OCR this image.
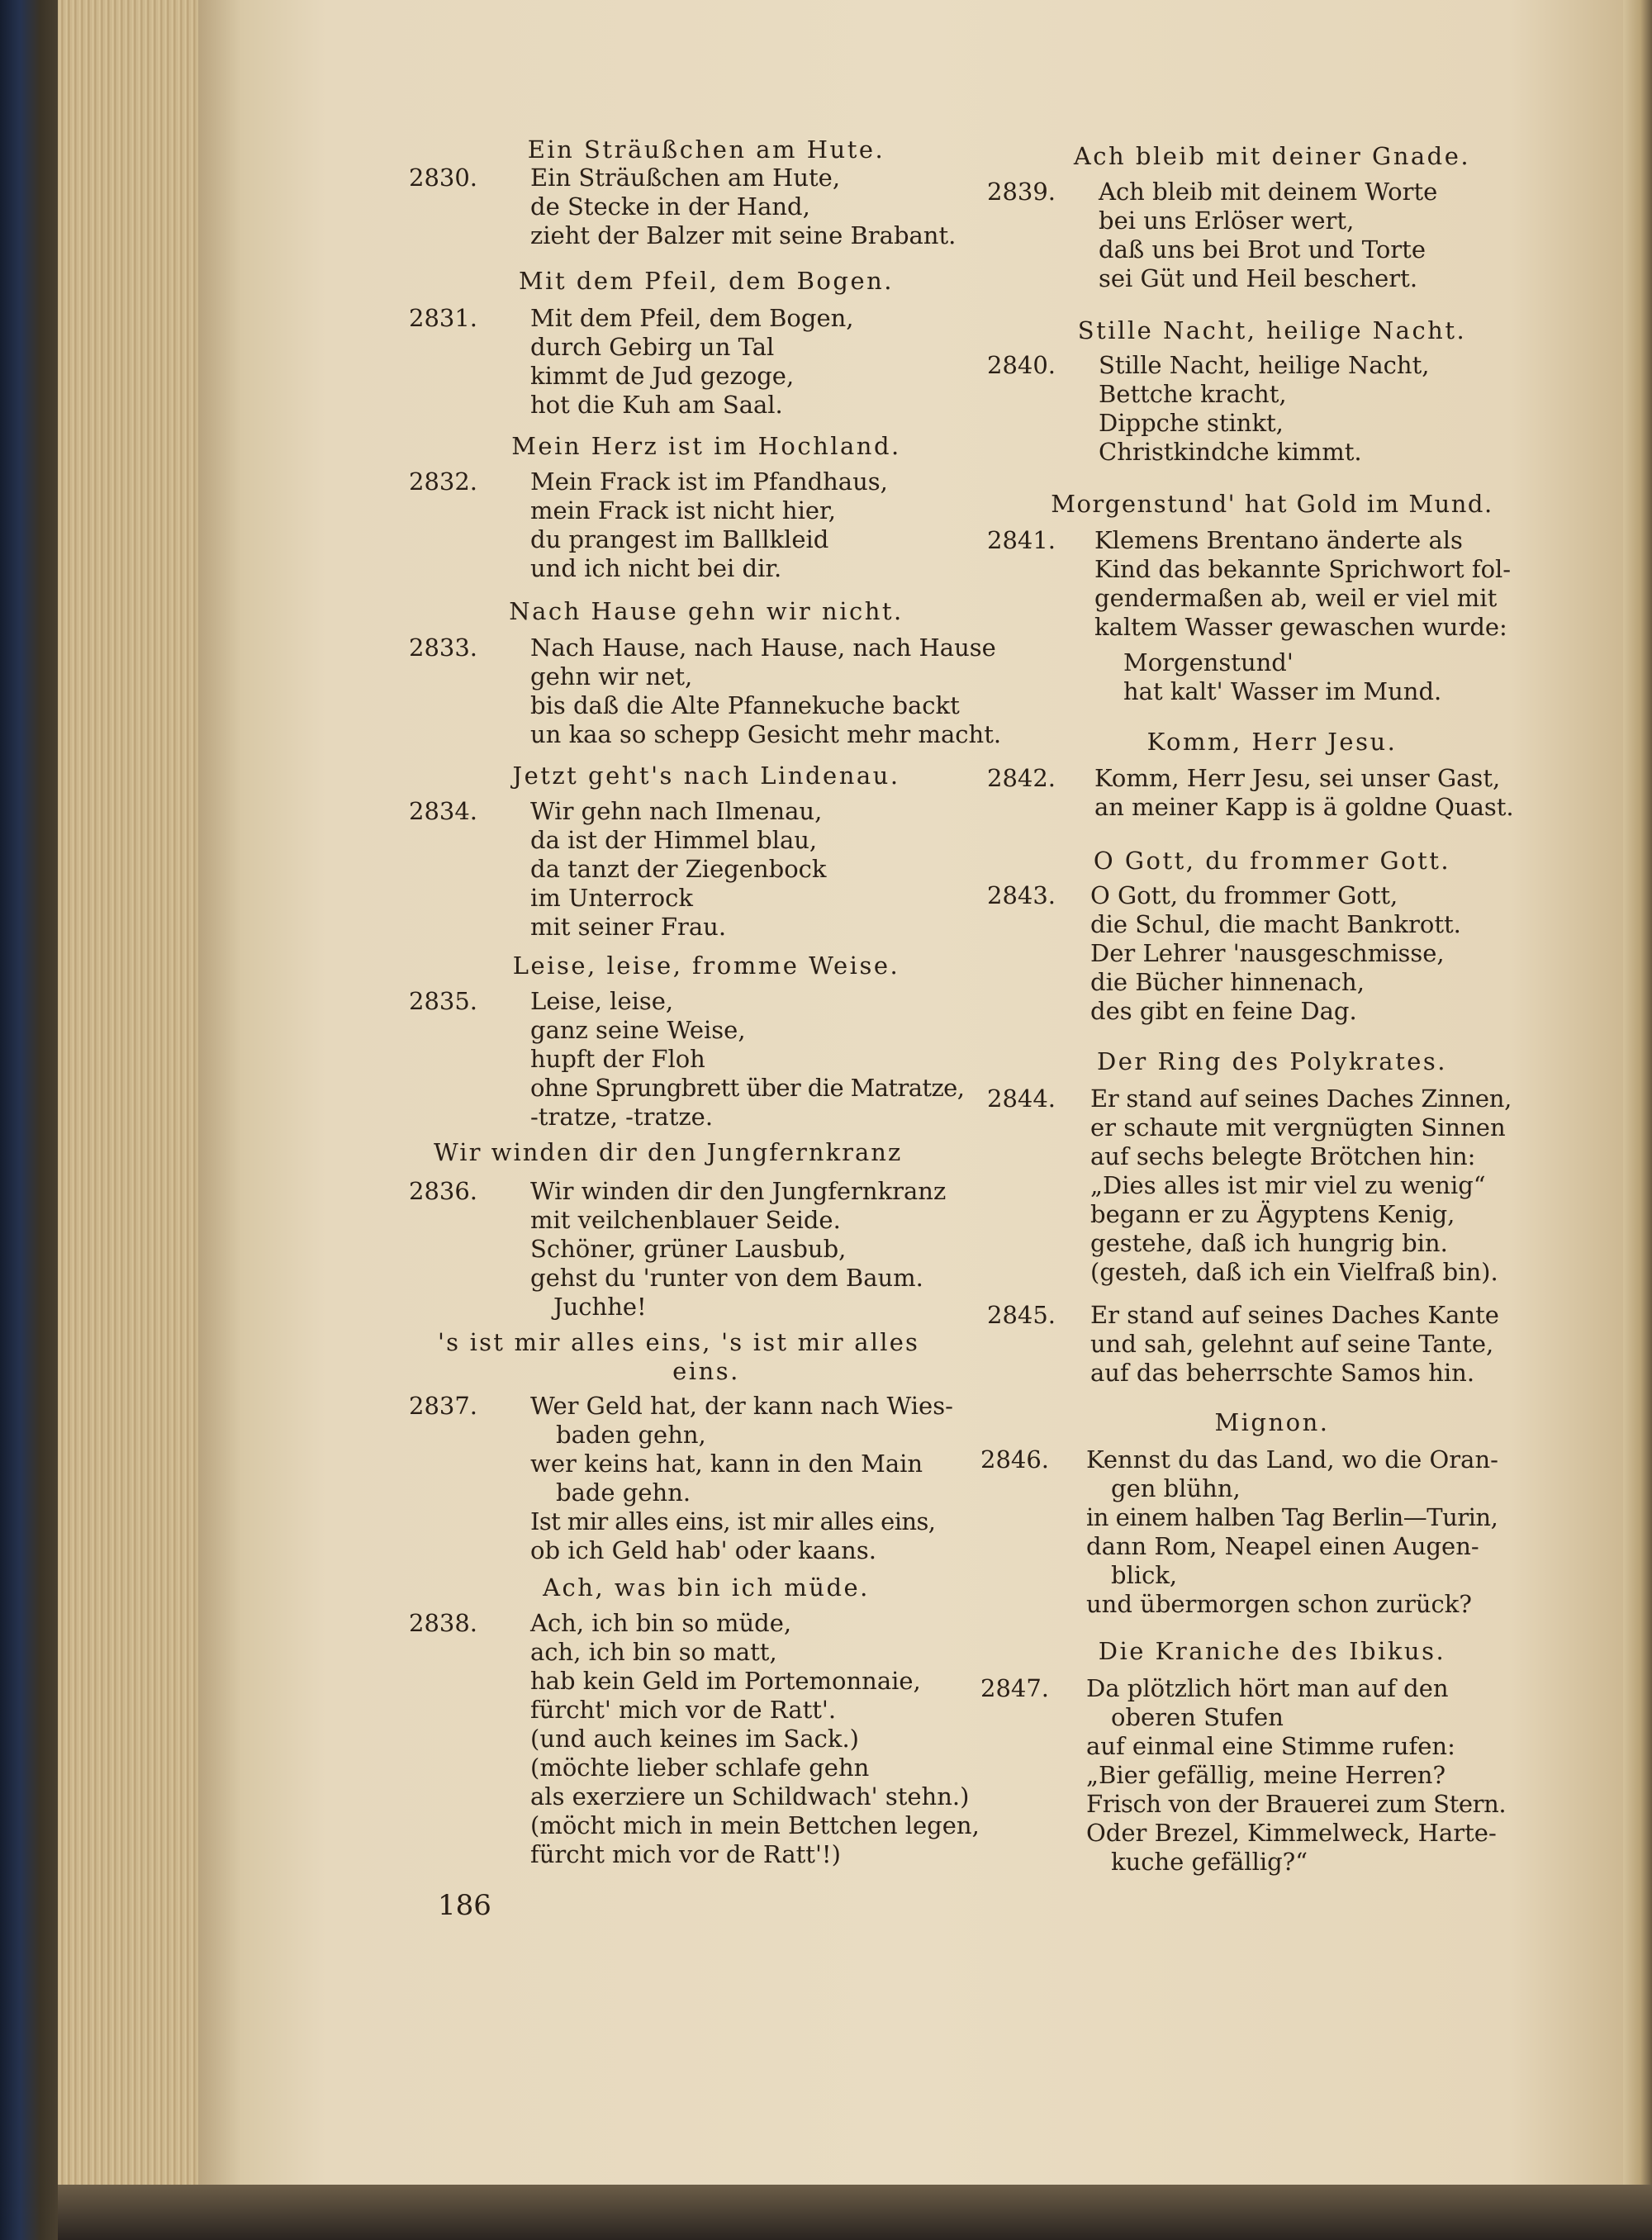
Ein Sträußchen am Hute.
2830. Ein Sträußchen am Hute,
de Stecke in der Hand,
zieht der Balzer mit seine Brabant.
Mit dem Pfeil, dem Bogen.
2831. Mit dem Pfeil, dem Bogen,
durch Gebirg un Tal
kimmt de Jud gezoge,
hot die Kuh am Saal.
Mein Herz ist im Hochland.
2832. Mein Frack ist im Pfandhaus,
mein Frack ist nicht hier,
du prangest im Ballkleid
und ich nicht bei dir.
Nach Hause gehn wir nicht.
2833. Nach Hause, nach Hause, nach Hause
gehn wir net,
bis daß die Alte Pfannekuche backt
un kaa so schepp Gesicht mehr macht.
Jetzt geht's nach Lindenau.
2834. Wir gehn nach Ilmenau,
da ist der Himmel blau,
da tanzt der Ziegenbock
im Unterrock
mit seiner Frau.
Leise, leise, fromme Weise.
2835. Leise, leise,
ganz seine Weise,
hupft der Floh
ohne Sprungbrett über die Matratze,
-tratze, -tratze.
Wir winden dir den Jungfernkranz
2836. Wir winden dir den Jungfernkranz
mit veilchenblauer Seide.
Schöner, grüner Lausbub,
gehst du 'runter von dem Baum.
Juchhe!
's ist mir alles eins, 's ist mir alles
eins.
2837. Wer Geld hat, der kann nach Wies-
baden gehn,
wer keins hat, kann in den Main
bade gehn.
Ist mir alles eins, ist mir alles eins,
ob ich Geld hab' oder kaans.
Ach, was bin ich müde.
2838. Ach, ich bin so müde,
ach, ich bin so matt,
hab kein Geld im Portemonnaie,
fürcht' mich vor de Ratt'.
(und auch keines im Sack.)
(möchte lieber schlafe gehn
als exerziere un Schildwach' stehn.)
(möcht mich in mein Bettchen legen,
fürcht mich vor de Ratt'!)
Ach bleib mit deiner Gnade.
2839. Ach bleib mit deinem Worte
bei uns Erlöser wert,
daß uns bei Brot und Torte
sei Güt und Heil beschert.
Stille Nacht, heilige Nacht.
2840. Stille Nacht, heilige Nacht,
Bettche kracht,
Dippche stinkt,
Christkindche kimmt.
Morgenstund' hat Gold im Mund.
2841. Klemens Brentano änderte als
Kind das bekannte Sprichwort fol-
gendermaßen ab, weil er viel mit
kaltem Wasser gewaschen wurde:
Morgenstund'
hat kalt' Wasser im Mund.
Komm, Herr Jesu.
2842. Komm, Herr Jesu, sei unser Gast,
an meiner Kapp is ä goldne Quast.
O Gott, du frommer Gott.
2843. O Gott, du frommer Gott,
die Schul, die macht Bankrott.
Der Lehrer 'nausgeschmisse,
die Bücher hinnenach,
des gibt en feine Dag.
Der Ring des Polykrates.
2844. Er stand auf seines Daches Zinnen,
er schaute mit vergnügten Sinnen
auf sechs belegte Brötchen hin:
„Dies alles ist mir viel zu wenig“
begann er zu Ägyptens Kenig,
gestehe, daß ich hungrig bin.
(gesteh, daß ich ein Vielfraß bin).
2845. Er stand auf seines Daches Kante
und sah, gelehnt auf seine Tante,
auf das beherrschte Samos hin.
Mignon.
2846. Kennst du das Land, wo die Oran-
gen blühn,
in einem halben Tag Berlin—Turin,
dann Rom, Neapel einen Augen-
blick,
und übermorgen schon zurück?
Die Kraniche des Ibikus.
2847. Da plötzlich hört man auf den
oberen Stufen
auf einmal eine Stimme rufen:
„Bier gefällig, meine Herren?
Frisch von der Brauerei zum Stern.
Oder Brezel, Kimmelweck, Harte-
kuche gefällig?“
186
